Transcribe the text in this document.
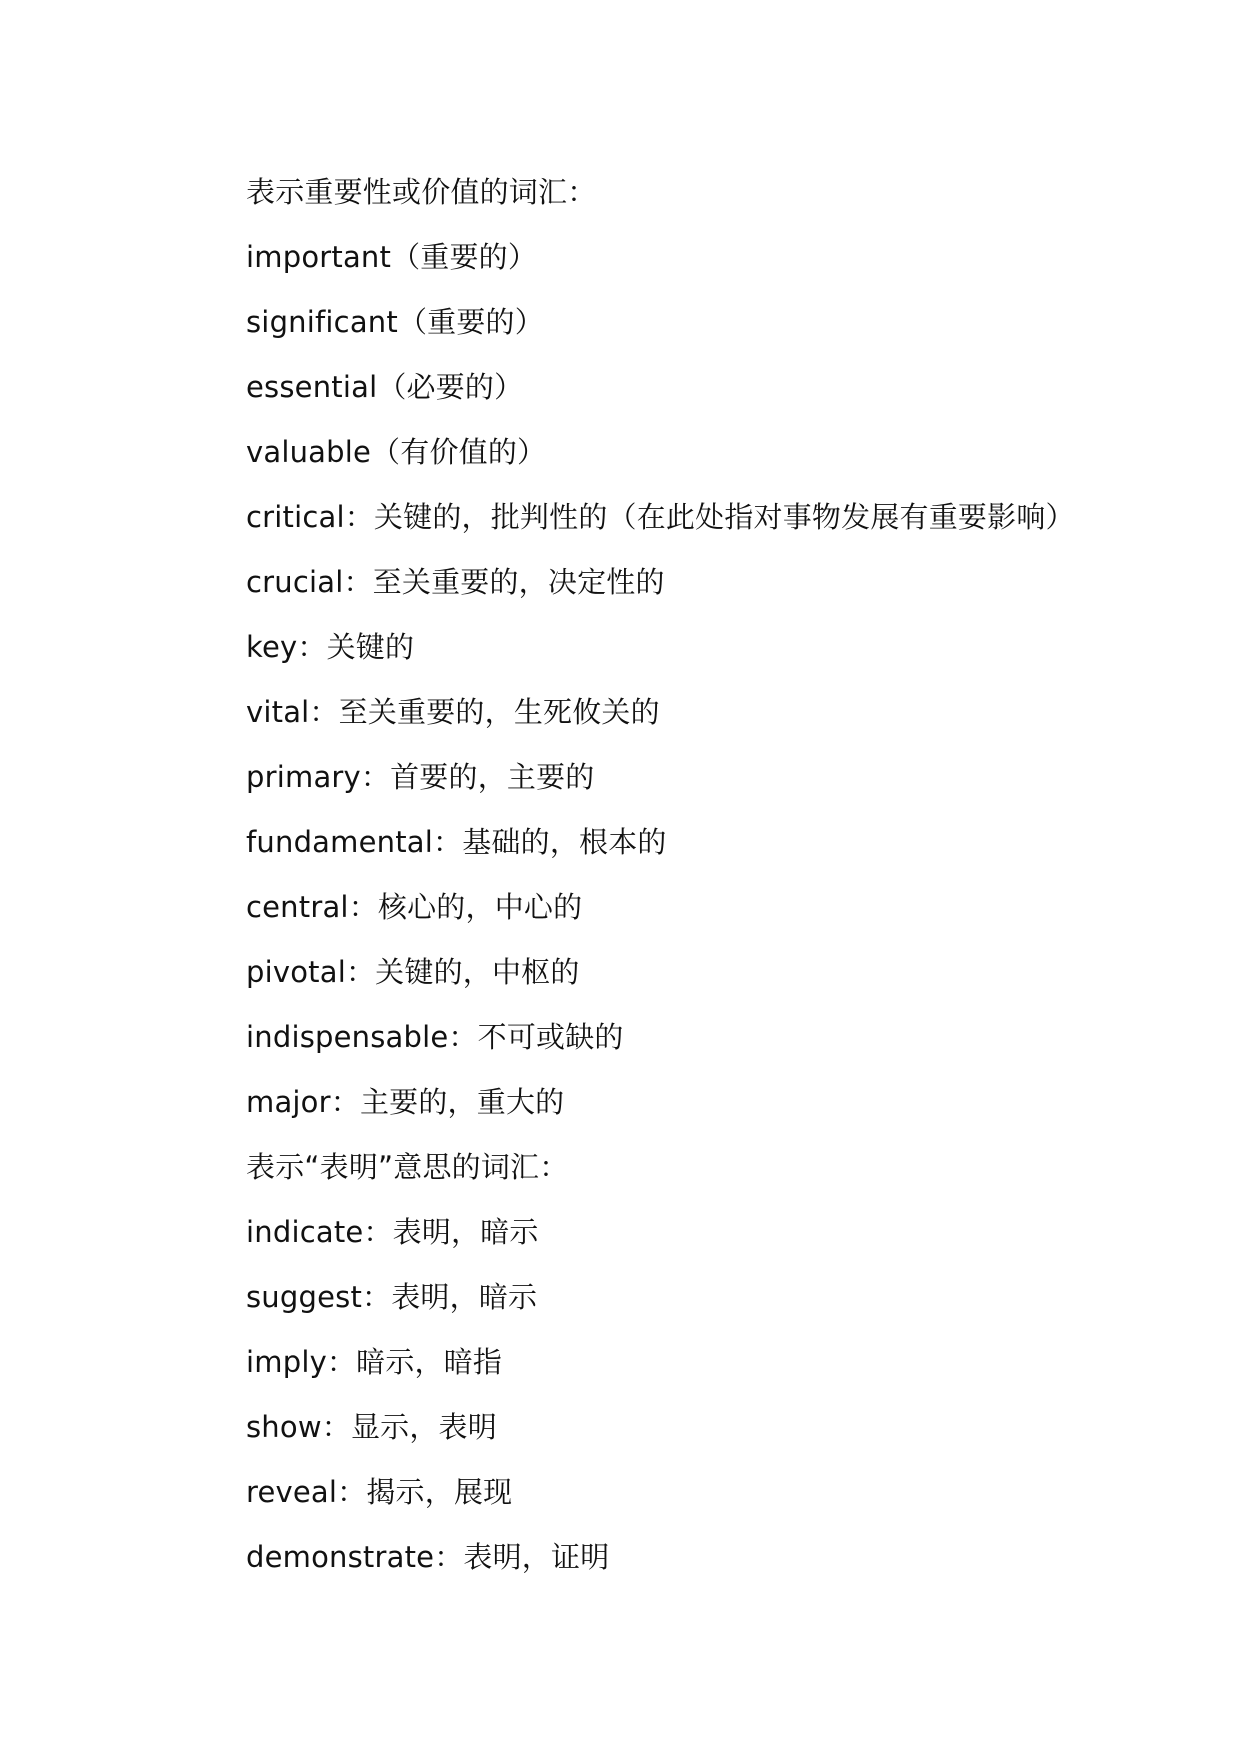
表示重要性或价值的词汇：
important（重要的）
significant（重要的）
essential（必要的）
valuable（有价值的）
critical：关键的，批判性的（在此处指对事物发展有重要影响）
crucial：至关重要的，决定性的
key：关键的
vital：至关重要的，生死攸关的
primary：首要的，主要的
fundamental：基础的，根本的
central：核心的，中心的
pivotal：关键的，中枢的
indispensable：不可或缺的
major：主要的，重大的
表示“表明”意思的词汇：
indicate：表明，暗示
suggest：表明，暗示
imply：暗示，暗指
show：显示，表明
reveal：揭示，展现
demonstrate：表明，证明
